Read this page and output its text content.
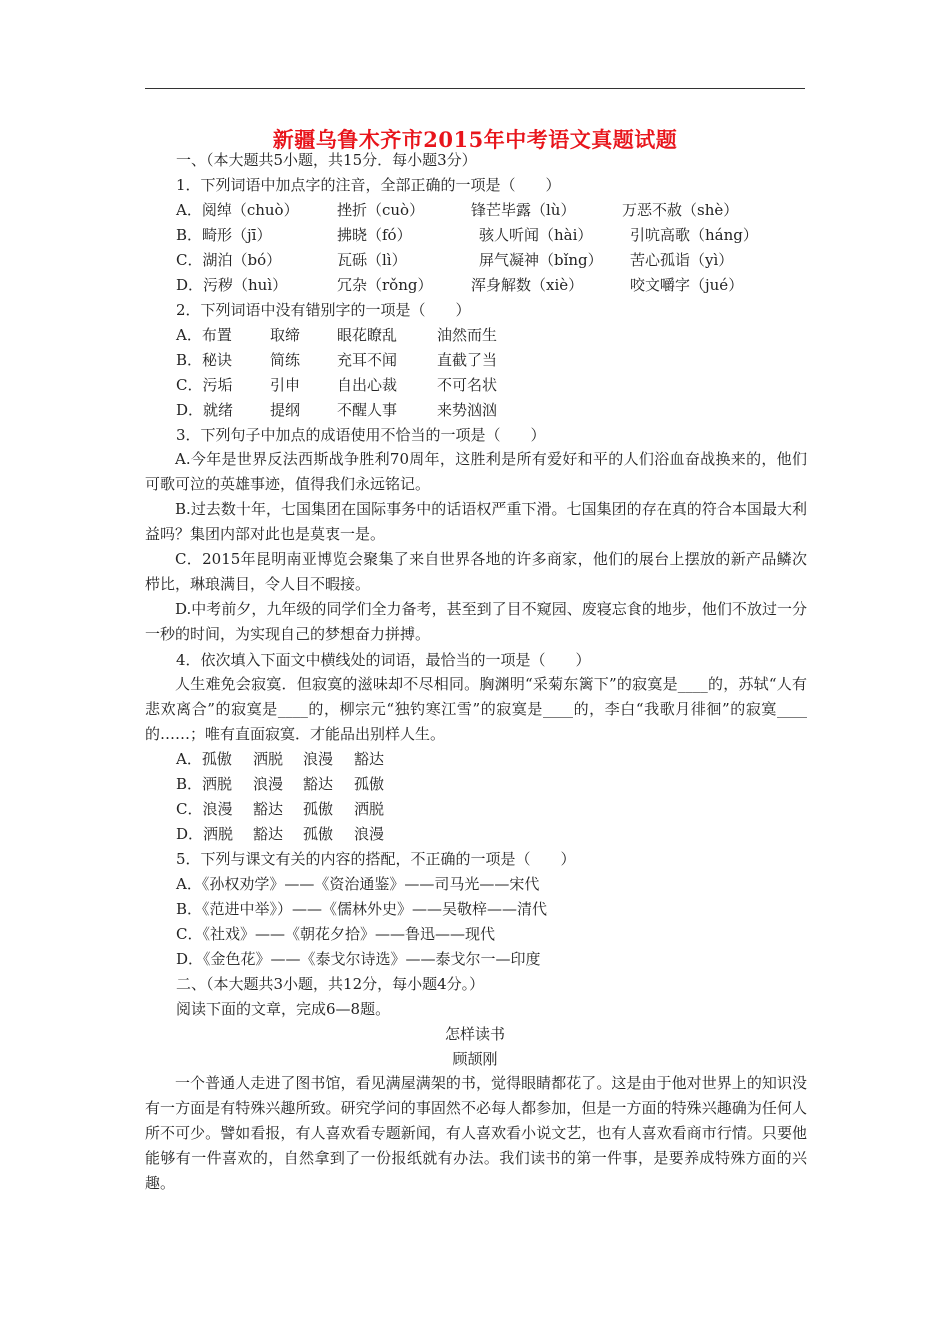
新疆乌鲁木齐市2015年中考语文真题试题
一、（本大题共5小题，共15分．每小题3分）
1．下列词语中加点字的注音，全部正确的一项是（　　）
A．阅绰（chuò）	挫折（cuò）	锋芒毕露（lù）	万恶不赦（shè）
B．畸形（jī）	拂晓（fó）	骇人听闻（hài）	引吭高歌（háng）
C．湖泊（bó）	瓦砾（lì）	屏气凝神（bǐng） 苦心孤诣（yì）
D．污秽（huì）	冗杂（rǒng）	浑身解数（xiè）	咬文嚼字（jué）
2．下列词语中没有错别字的一项是（　　）
A．布置	取缔 眼花瞭乱	油然而生
B．秘诀	简练 充耳不闻	直截了当
C．污垢	引申 自出心裁	不可名状
D．就绪 提纲 不醒人事	来势汹汹
3．下列句子中加点的成语使用不恰当的一项是（　　）
A.今年是世界反法西斯战争胜利70周年，这胜利是所有爱好和平的人们浴血奋战换来的，他们可歌可泣的英雄事迹，值得我们永远铭记。
B.过去数十年，七国集团在国际事务中的话语权严重下滑。七国集团的存在真的符合本国最大利益吗？集团内部对此也是莫衷一是。
C．2015年昆明南亚博览会聚集了来自世界各地的许多商家，他们的展台上摆放的新产品鳞次栉比，琳琅满目，令人目不暇接。
D.中考前夕，九年级的同学们全力备考，甚至到了目不窥园、废寝忘食的地步，他们不放过一分一秒的时间，为实现自己的梦想奋力拼搏。
4．依次填入下面文中横线处的词语，最恰当的一项是（　　）
人生难免会寂寞．但寂寞的滋味却不尽相同。胸渊明“采菊东篱下”的寂寞是____的，苏轼“人有悲欢离合”的寂寞是____的，柳宗元“独钓寒江雪”的寂寞是____的，李白“我歌月徘徊”的寂寞____的……；唯有直面寂寞．才能品出别样人生。
A．孤傲 洒脱 浪漫 豁达
B．洒脱 浪漫 豁达 孤傲
C．浪漫 豁达 孤傲 洒脱
D．洒脱 豁达 孤傲 浪漫
5．下列与课文有关的内容的搭配，不正确的一项是（　　）
A．《孙权劝学》——《资治通鉴》——司马光——宋代
B．《范进中举》）——《儒林外史》——吴敬梓——清代
C．《社戏》——《朝花夕拾》——鲁迅——现代
D．《金色花》——《泰戈尔诗选》——泰戈尔一—印度
二、（本大题共3小题，共12分，每小题4分。）
阅读下面的文章，完成6—8题。
怎样读书
顾颉刚
一个普通人走进了图书馆，看见满屋满架的书，觉得眼睛都花了。这是由于他对世界上的知识没有一方面是有特殊兴趣所致。研究学问的事固然不必每人都参加，但是一方面的特殊兴趣确为任何人所不可少。譬如看报，有人喜欢看专题新闻，有人喜欢看小说文艺，也有人喜欢看商市行情。只要他能够有一件喜欢的，自然拿到了一份报纸就有办法。我们读书的第一件事，是要养成特殊方面的兴趣。
